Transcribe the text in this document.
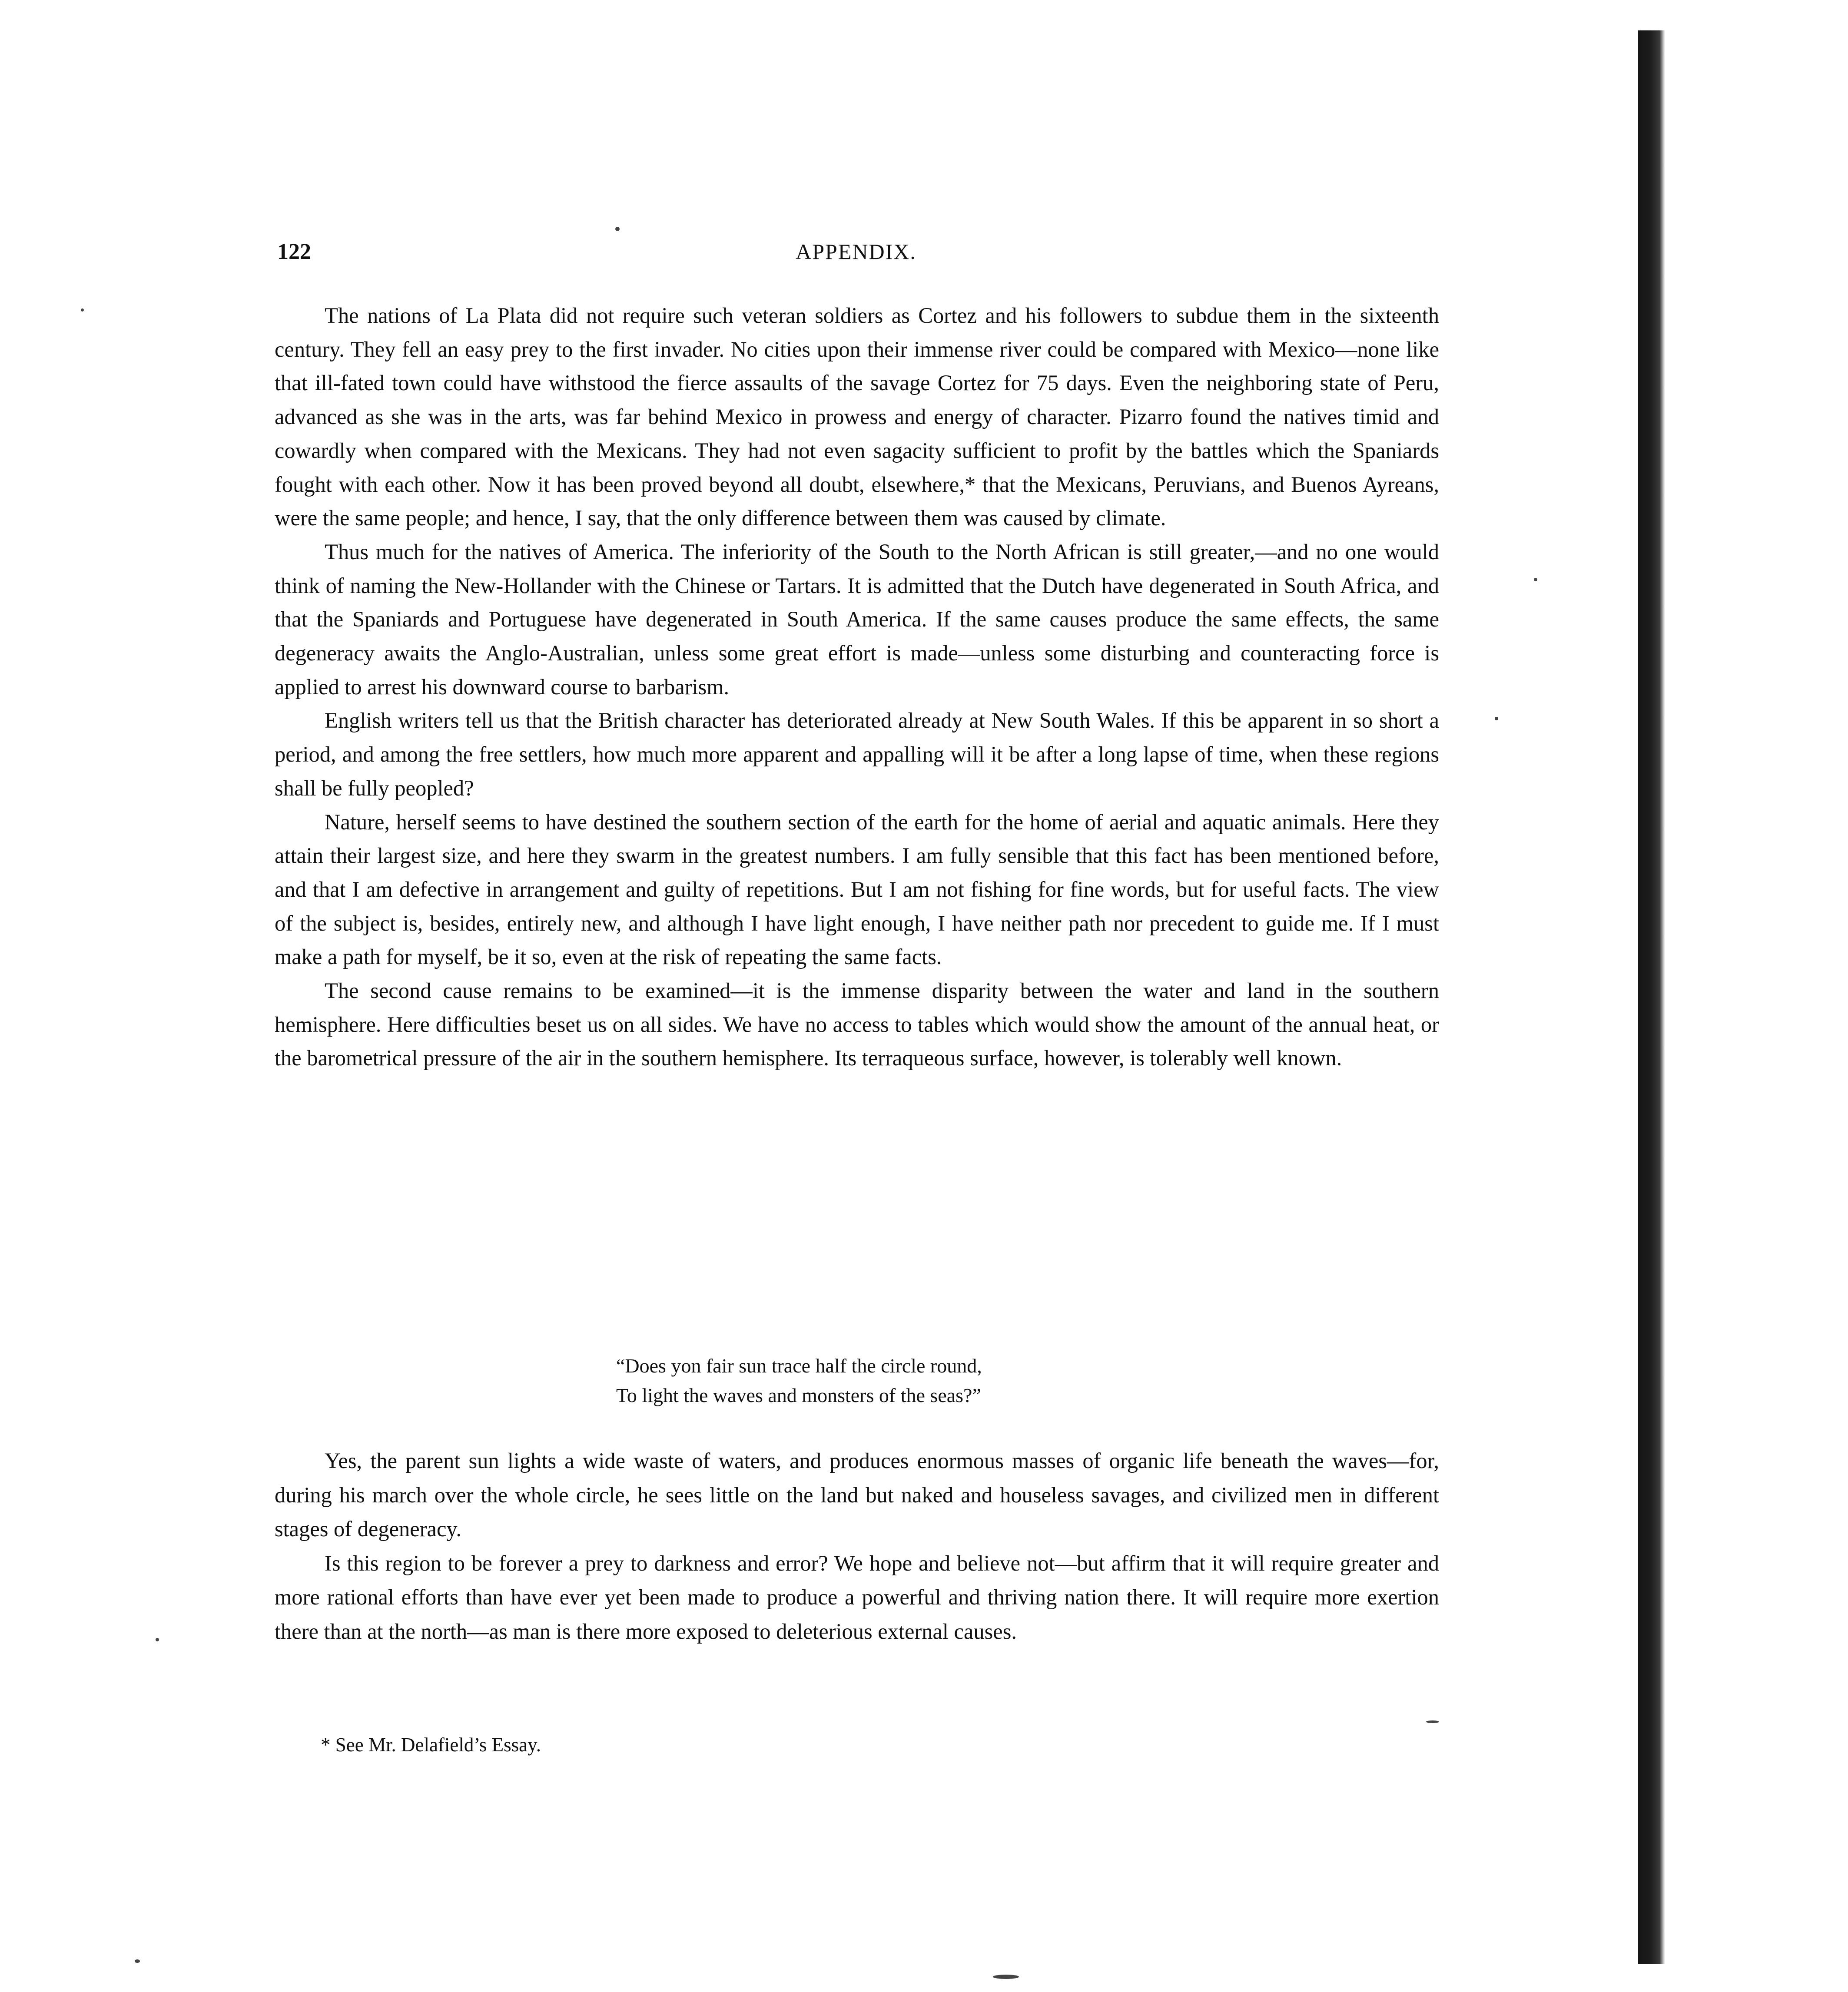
122	APPENDIX.

The nations of La Plata did not require such veteran soldiers as Cortez and his followers to subdue them in the sixteenth century. They fell an easy prey to the first invader. No cities upon their immense river could be compared with Mexico—none like that ill-fated town could have withstood the fierce assaults of the savage Cortez for 75 days. Even the neighboring state of Peru, advanced as she was in the arts, was far behind Mexico in prowess and energy of character. Pizarro found the natives timid and cowardly when compared with the Mexicans. They had not even sagacity sufficient to profit by the battles which the Spaniards fought with each other. Now it has been proved beyond all doubt, elsewhere,* that the Mexicans, Peruvians, and Buenos Ayreans, were the same people; and hence, I say, that the only difference between them was caused by climate.

Thus much for the natives of America. The inferiority of the South to the North African is still greater,—and no one would think of naming the New-Hollander with the Chinese or Tartars. It is admitted that the Dutch have degenerated in South Africa, and that the Spaniards and Portuguese have degenerated in South America. If the same causes produce the same effects, the same degeneracy awaits the Anglo-Australian, unless some great effort is made—unless some disturbing and counteracting force is applied to arrest his downward course to barbarism.

English writers tell us that the British character has deteriorated already at New South Wales. If this be apparent in so short a period, and among the free settlers, how much more apparent and appalling will it be after a long lapse of time, when these regions shall be fully peopled?

Nature, herself seems to have destined the southern section of the earth for the home of aerial and aquatic animals. Here they attain their largest size, and here they swarm in the greatest numbers. I am fully sensible that this fact has been mentioned before, and that I am defective in arrangement and guilty of repetitions. But I am not fishing for fine words, but for useful facts. The view of the subject is, besides, entirely new, and although I have light enough, I have neither path nor precedent to guide me. If I must make a path for myself, be it so, even at the risk of repeating the same facts.

The second cause remains to be examined—it is the immense disparity between the water and land in the southern hemisphere. Here difficulties beset us on all sides. We have no access to tables which would show the amount of the annual heat, or the barometrical pressure of the air in the southern hemisphere. Its terraqueous surface, however, is tolerably well known.

“Does yon fair sun trace half the circle round,
To light the waves and monsters of the seas?”

Yes, the parent sun lights a wide waste of waters, and produces enormous masses of organic life beneath the waves—for, during his march over the whole circle, he sees little on the land but naked and houseless savages, and civilized men in different stages of degeneracy.

Is this region to be forever a prey to darkness and error? We hope and believe not—but affirm that it will require greater and more rational efforts than have ever yet been made to produce a powerful and thriving nation there. It will require more exertion there than at the north—as man is there more exposed to deleterious external causes.

* See Mr. Delafield’s Essay.
